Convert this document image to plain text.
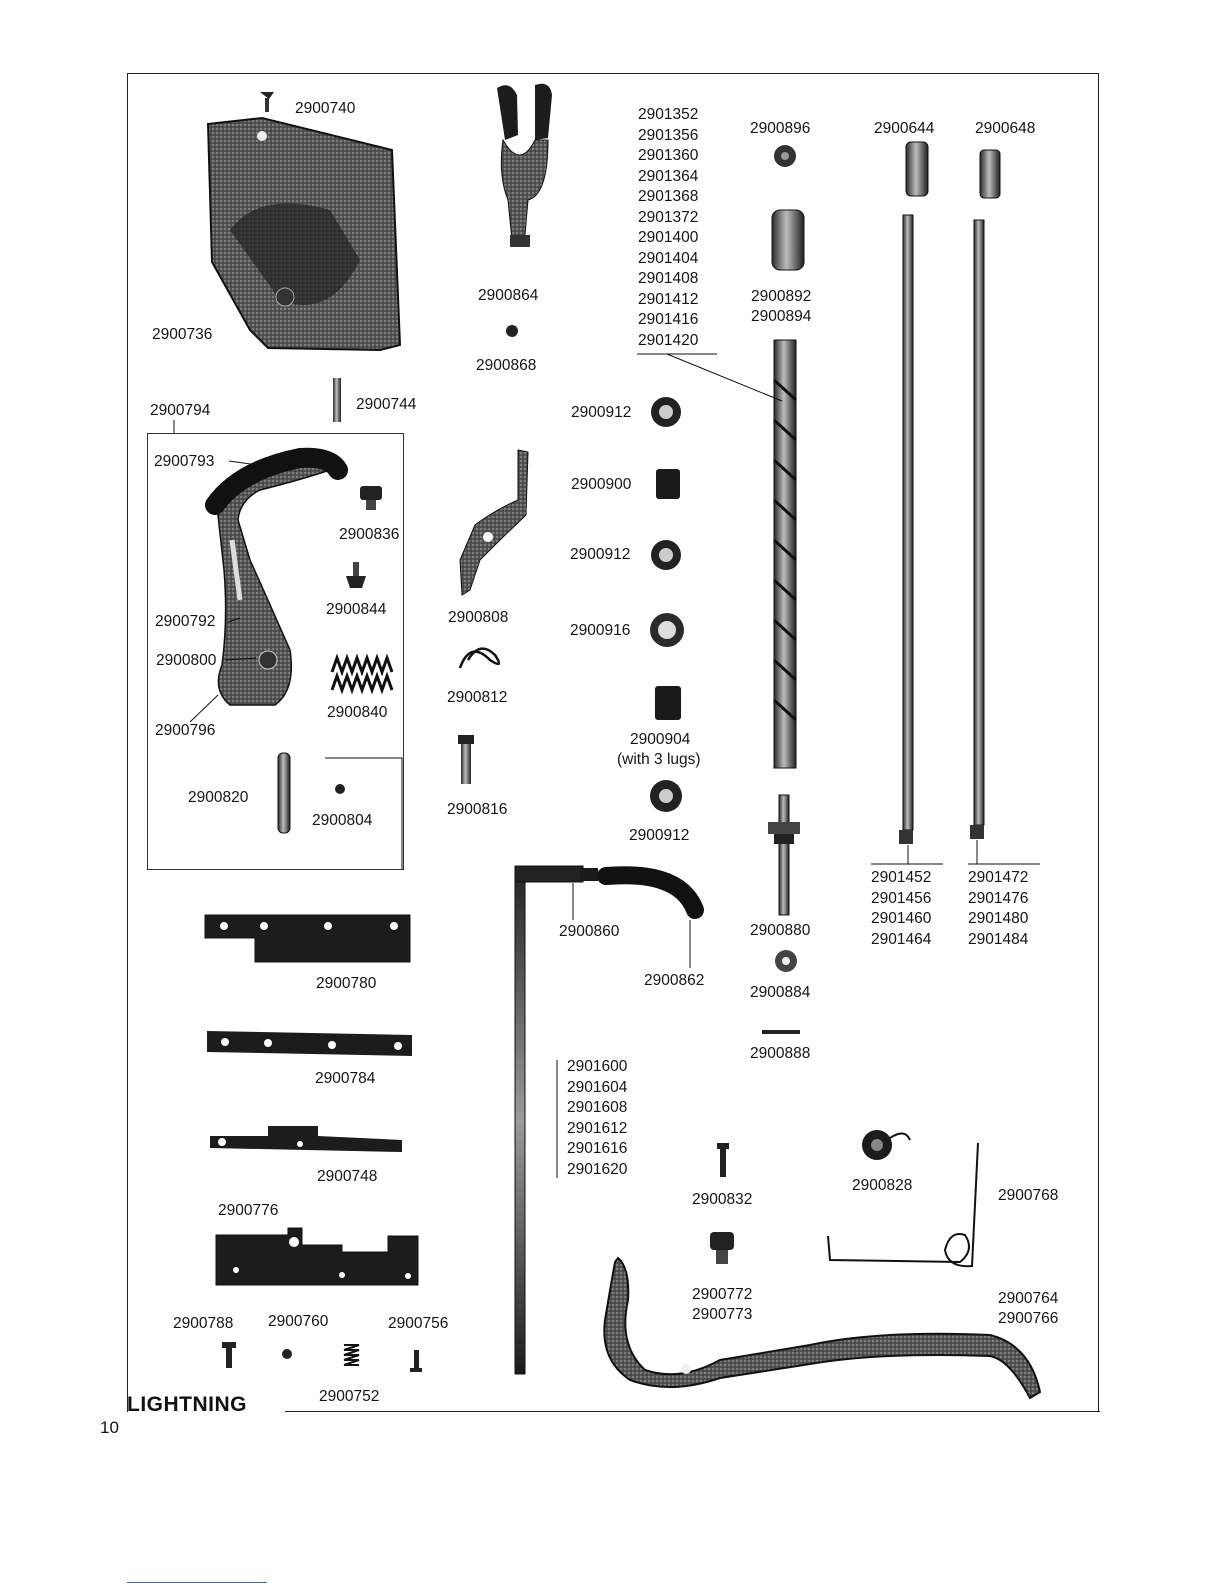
2900740
2900736
2900744
2900794
2900793
2900836
2900844
2900792
2900800
2900840
2900796
2900820
2900804
2900864
2900868
2900808
2900812
2900816
2900912
2900900
2900912
2900916
2900904
(with 3 lugs)
2900912
2901352
2901356
2901360
2901364
2901368
2901372
2901400
2901404
2901408
2901412
2901416
2901420
2900896
2900892
2900894
2900644	2900648
2901452
2901456
2901460
2901464
2901472
2901476
2901480
2901484
2900880
2900884
2900888
2900860
2900862
2901600
2901604
2901608
2901612
2901616
2901620
2900780
2900784
2900748
2900776
2900788 2900760	2900756
2900752
2900832
2900828
2900768
2900772
2900773
2900764
2900766
LIGHTNING
10
